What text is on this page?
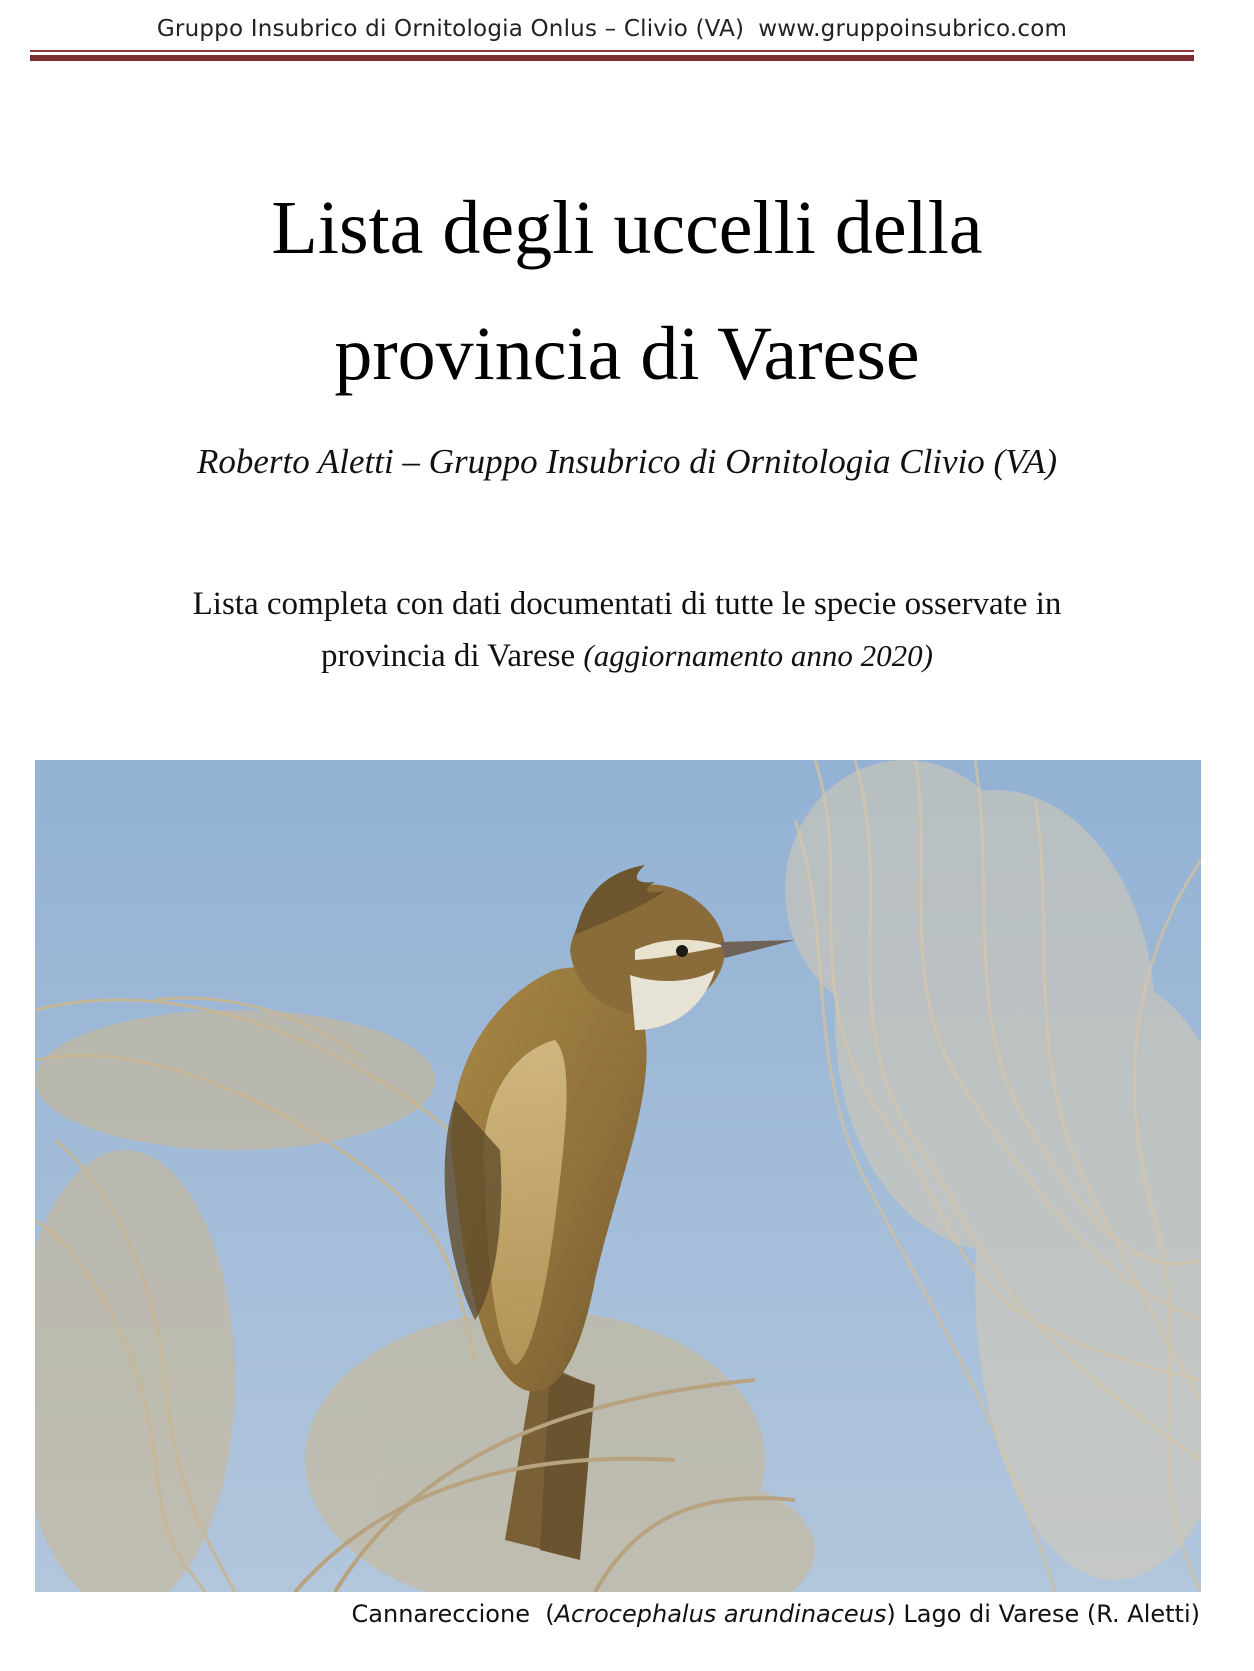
Gruppo Insubrico di Ornitologia Onlus – Clivio (VA) www.gruppoinsubrico.com
Lista degli uccelli della
provincia di Varese
Roberto Aletti – Gruppo Insubrico di Ornitologia Clivio (VA)
Lista completa con dati documentati di tutte le specie osservate in
provincia di Varese (aggiornamento anno 2020)
Cannareccione (Acrocephalus arundinaceus) Lago di Varese (R. Aletti)
